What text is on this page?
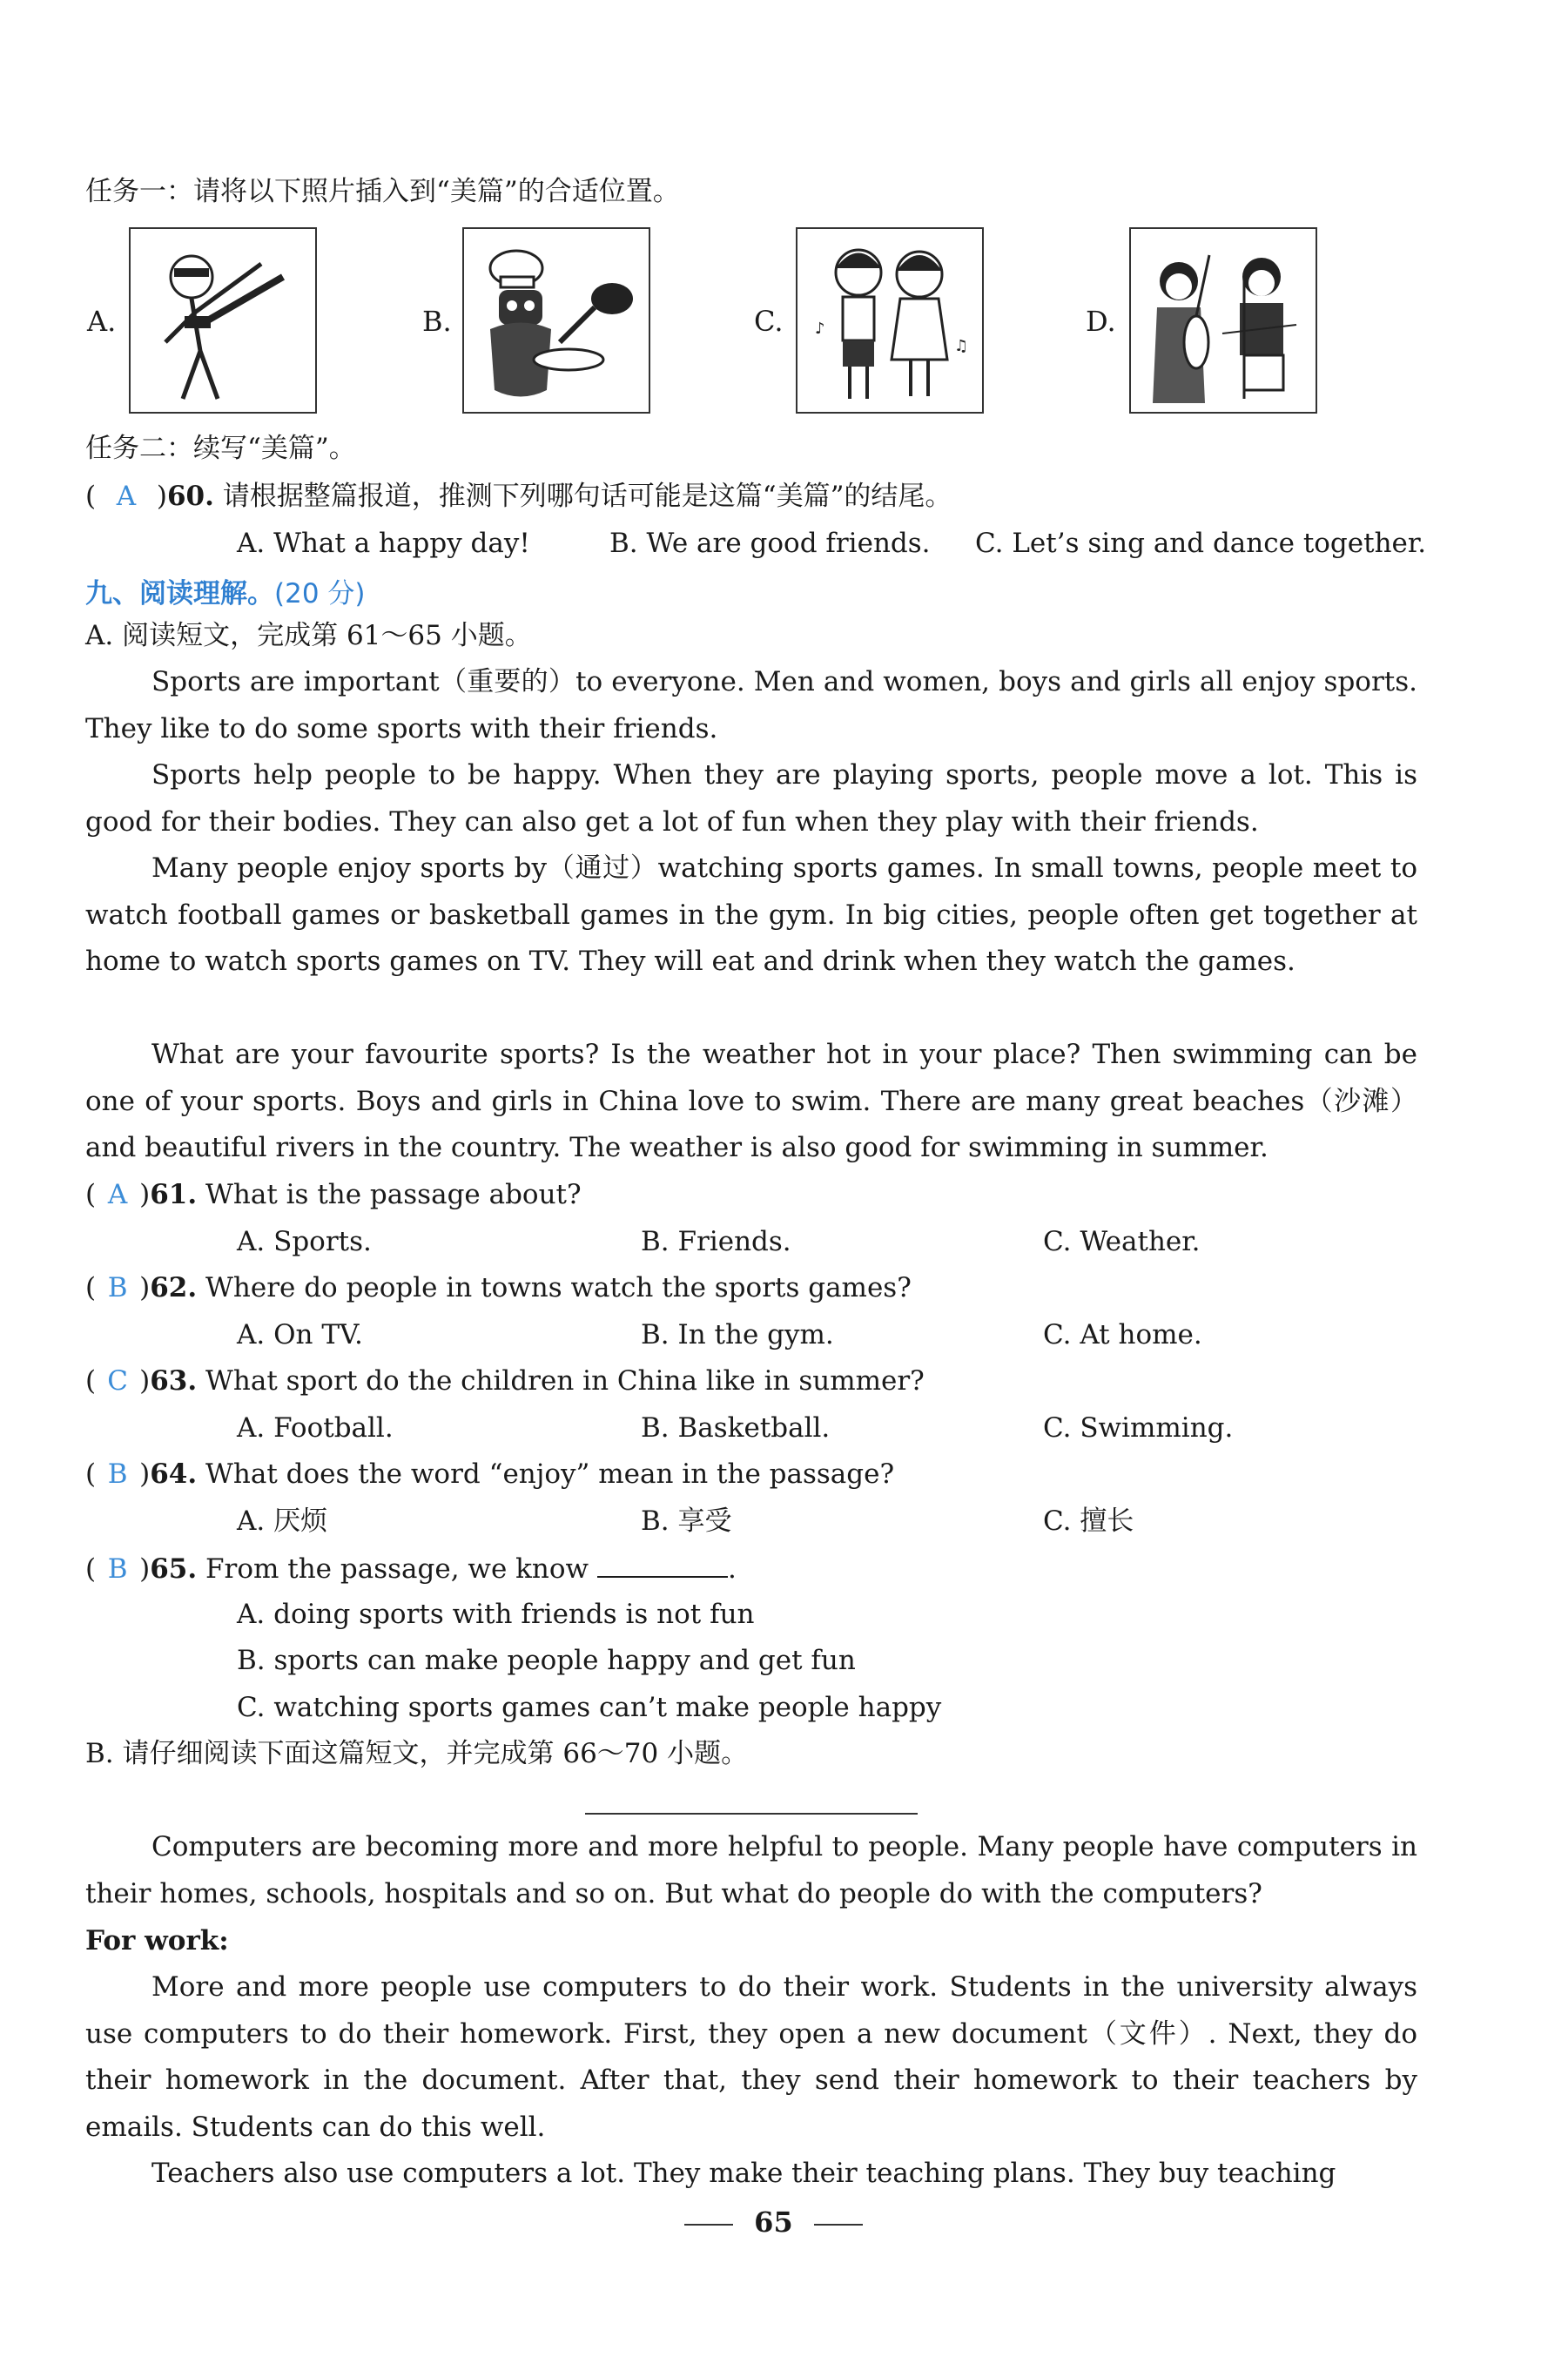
任务一：请将以下照片插入到“美篇”的合适位置。
A.	B.	C. ♪
♫
D.
任务二：续写“美篇”。
( A )60. 请根据整篇报道，推测下列哪句话可能是这篇“美篇”的结尾。
A. What a happy day!	B. We are good friends. C. Let’s sing and dance together.
九、阅读理解。(20 分)
A. 阅读短文，完成第 61～65 小题。
Sports are important（重要的）to everyone. Men and women, boys and girls all enjoy sports. They like to do some sports with their friends.
Sports help people to be happy. When they are playing sports, people move a lot. This is good for their bodies. They can also get a lot of fun when they play with their friends.
Many people enjoy sports by（通过）watching sports games. In small towns, people meet to watch football games or basketball games in the gym. In big cities, people often get together at home to watch sports games on TV. They will eat and drink when they watch the games.
What are your favourite sports? Is the weather hot in your place? Then swimming can be one of your sports. Boys and girls in China love to swim. There are many great beaches（沙滩）and beautiful rivers in the country. The weather is also good for swimming in summer.
( A )61. What is the passage about?
A. Sports.	B. Friends.	C. Weather.
( B )62. Where do people in towns watch the sports games?
A. On TV.	B. In the gym.	C. At home.
( C )63. What sport do the children in China like in summer?
A. Football.	B. Basketball.	C. Swimming.
( B )64. What does the word “enjoy” mean in the passage?
A. 厌烦	B. 享受	C. 擅长
( B )65. From the passage, we know	.
A. doing sports with friends is not fun
B. sports can make people happy and get fun
C. watching sports games can’t make people happy
B. 请仔细阅读下面这篇短文，并完成第 66～70 小题。
Computers are becoming more and more helpful to people. Many people have computers in their homes, schools, hospitals and so on. But what do people do with the computers?
For work:
More and more people use computers to do their work. Students in the university always use computers to do their homework. First, they open a new document（文件）. Next, they do their homework in the document. After that, they send their homework to their teachers by emails. Students can do this well.
Teachers also use computers a lot. They make their teaching plans. They buy teaching
65
